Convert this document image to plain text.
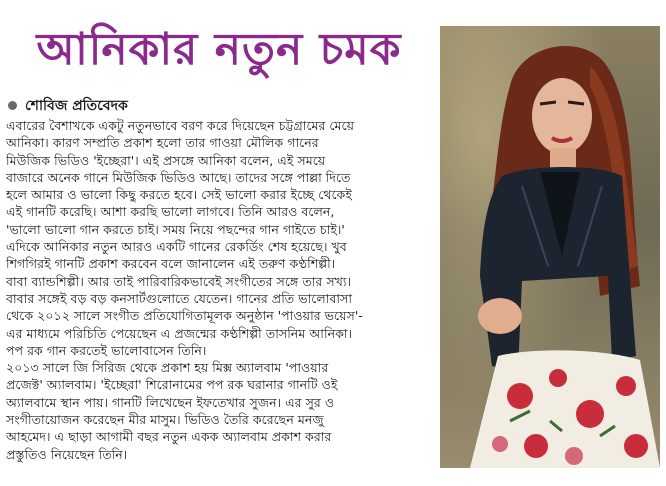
আনিকার নতুন চমক
শোবিজ প্রতিবেদক
এবারের বৈশাখকে একটু নতুনভাবে বরণ করে দিয়েছেন চট্টগ্রামের মেয়ে
আনিকা। কারণ সম্প্রতি প্রকাশ হলো তার গাওয়া মৌলিক গানের
মিউজিক ভিডিও 'ইচ্ছেরা'। এই প্রসঙ্গে আনিকা বলেন, এই সময়ে
বাজারে অনেক গানে মিউজিক ভিডিও আছে। তাদের সঙ্গে পাল্লা দিতে
হলে আমার ও ভালো কিছু করতে হবে। সেই ভালো করার ইচ্ছে থেকেই
এই গানটি করেছি। আশা করছি ভালো লাগবে। তিনি আরও বলেন,
'ভালো ভালো গান করতে চাই। সময় নিয়ে পছন্দের গান গাইতে চাই।'
এদিকে আনিকার নতুন আরও একটি গানের রেকর্ডিং শেষ হয়েছে। খুব
শিগগিরই গানটি প্রকাশ করবেন বলে জানালেন এই তরুণ কণ্ঠশিল্পী।
বাবা ব্যান্ডশিল্পী। আর তাই পারিবারিকভাবেই সংগীতের সঙ্গে তার সখ্য।
বাবার সঙ্গেই বড় বড় কনসার্টগুলোতে যেতেন। গানের প্রতি ভালোবাসা
থেকে ২০১২ সালে সংগীত প্রতিযোগিতামূলক অনুষ্ঠান 'পাওয়ার ভয়েস'-
এর মাধ্যমে পরিচিতি পেয়েছেন এ প্রজন্মের কণ্ঠশিল্পী তাসনিম আনিকা।
পপ রক গান করতেই ভালোবাসেন তিনি।
২০১৩ সালে জি সিরিজ থেকে প্রকাশ হয় মিক্স অ্যালবাম 'পাওয়ার
প্রজেক্ট' অ্যালবাম। 'ইচ্ছেরা' শিরোনামের পপ রক ঘরানার গানটি ওই
অ্যালবামে স্থান পায়। গানটি লিখেছেন ইফতেখার সুজন। এর সুর ও
সংগীতায়োজন করেছেন মীর মাসুম। ভিডিও তৈরি করেছেন মনজু
আহমেদ। এ ছাড়া আগামী বছর নতুন একক অ্যালবাম প্রকাশ করার
প্রস্তুতিও নিয়েছেন তিনি।
